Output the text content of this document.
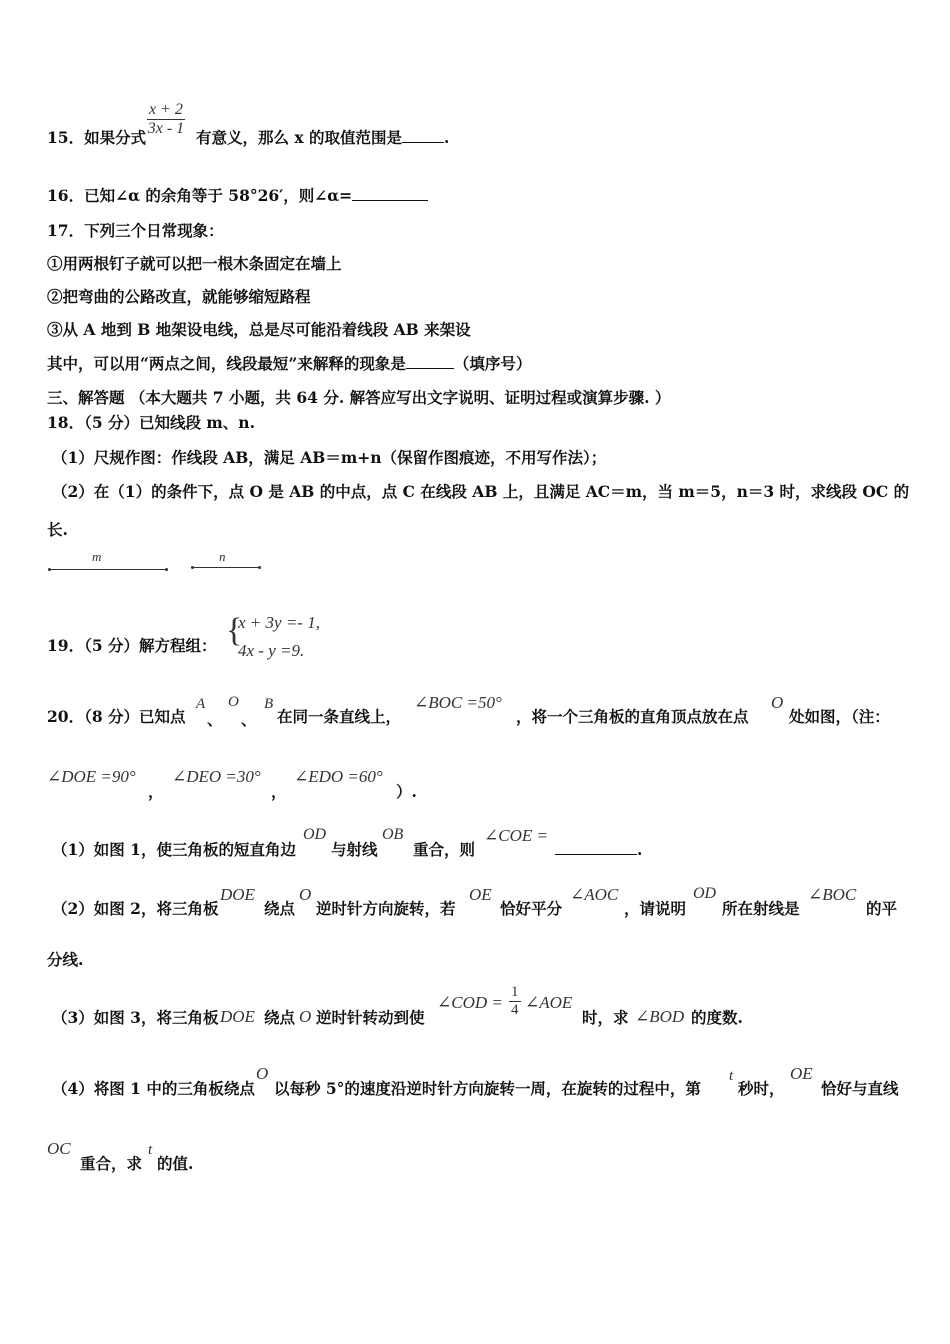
15．如果分式
x + 2
3x - 1 有意义，那么 x 的取值范围是	.
16．已知∠α 的余角等于 58°26′，则∠α=
17．下列三个日常现象：
①用两根钉子就可以把一根木条固定在墙上
②把弯曲的公路改直，就能够缩短路程
③从 A 地到 B 地架设电线，总是尽可能沿着线段 AB 来架设
其中，可以用“两点之间，线段最短”来解释的现象是	（填序号）
三、解答题 （本大题共 7 小题，共 64 分. 解答应写出文字说明、证明过程或演算步骤. ）
18．（5 分）已知线段 m、n.
（1）尺规作图：作线段 AB，满足 AB＝m+n（保留作图痕迹，不用写作法）；
（2）在（1）的条件下，点 O 是 AB 的中点，点 C 在线段 AB 上，且满足 AC＝m，当 m＝5，n＝3 时，求线段 OC 的
长.
m	n
19．（5 分）解方程组： {
x + 3y =- 1,
4x - y =9.
20．（8 分）已知点
A
、
O
、
B
在同一条直线上，
∠BOC =50°
，将一个三角板的直角顶点放在点
O
处如图，（注：
∠DOE =90°
，
∠DEO =30°
，
∠EDO =60°
）.
（1）如图 1，使三角板的短直角边
OD
与射线
OB
重合，则
∠COE =
.
（2）如图 2，将三角板
DOE
绕点
O
逆时针方向旋转，若
OE
恰好平分
∠AOC
，请说明
OD
所在射线是
∠BOC
的平
分线.
（3）如图 3，将三角板 DOE 绕点 O 逆时针转动到使
∠COD =
1
4 ∠AOE
时，求 ∠BOD 的度数.
（4）将图 1 中的三角板绕点
O
以每秒 5°的速度沿逆时针方向旋转一周，在旋转的过程中，第
t
秒时，
OE
恰好与直线
OC
重合，求
t
的值.
